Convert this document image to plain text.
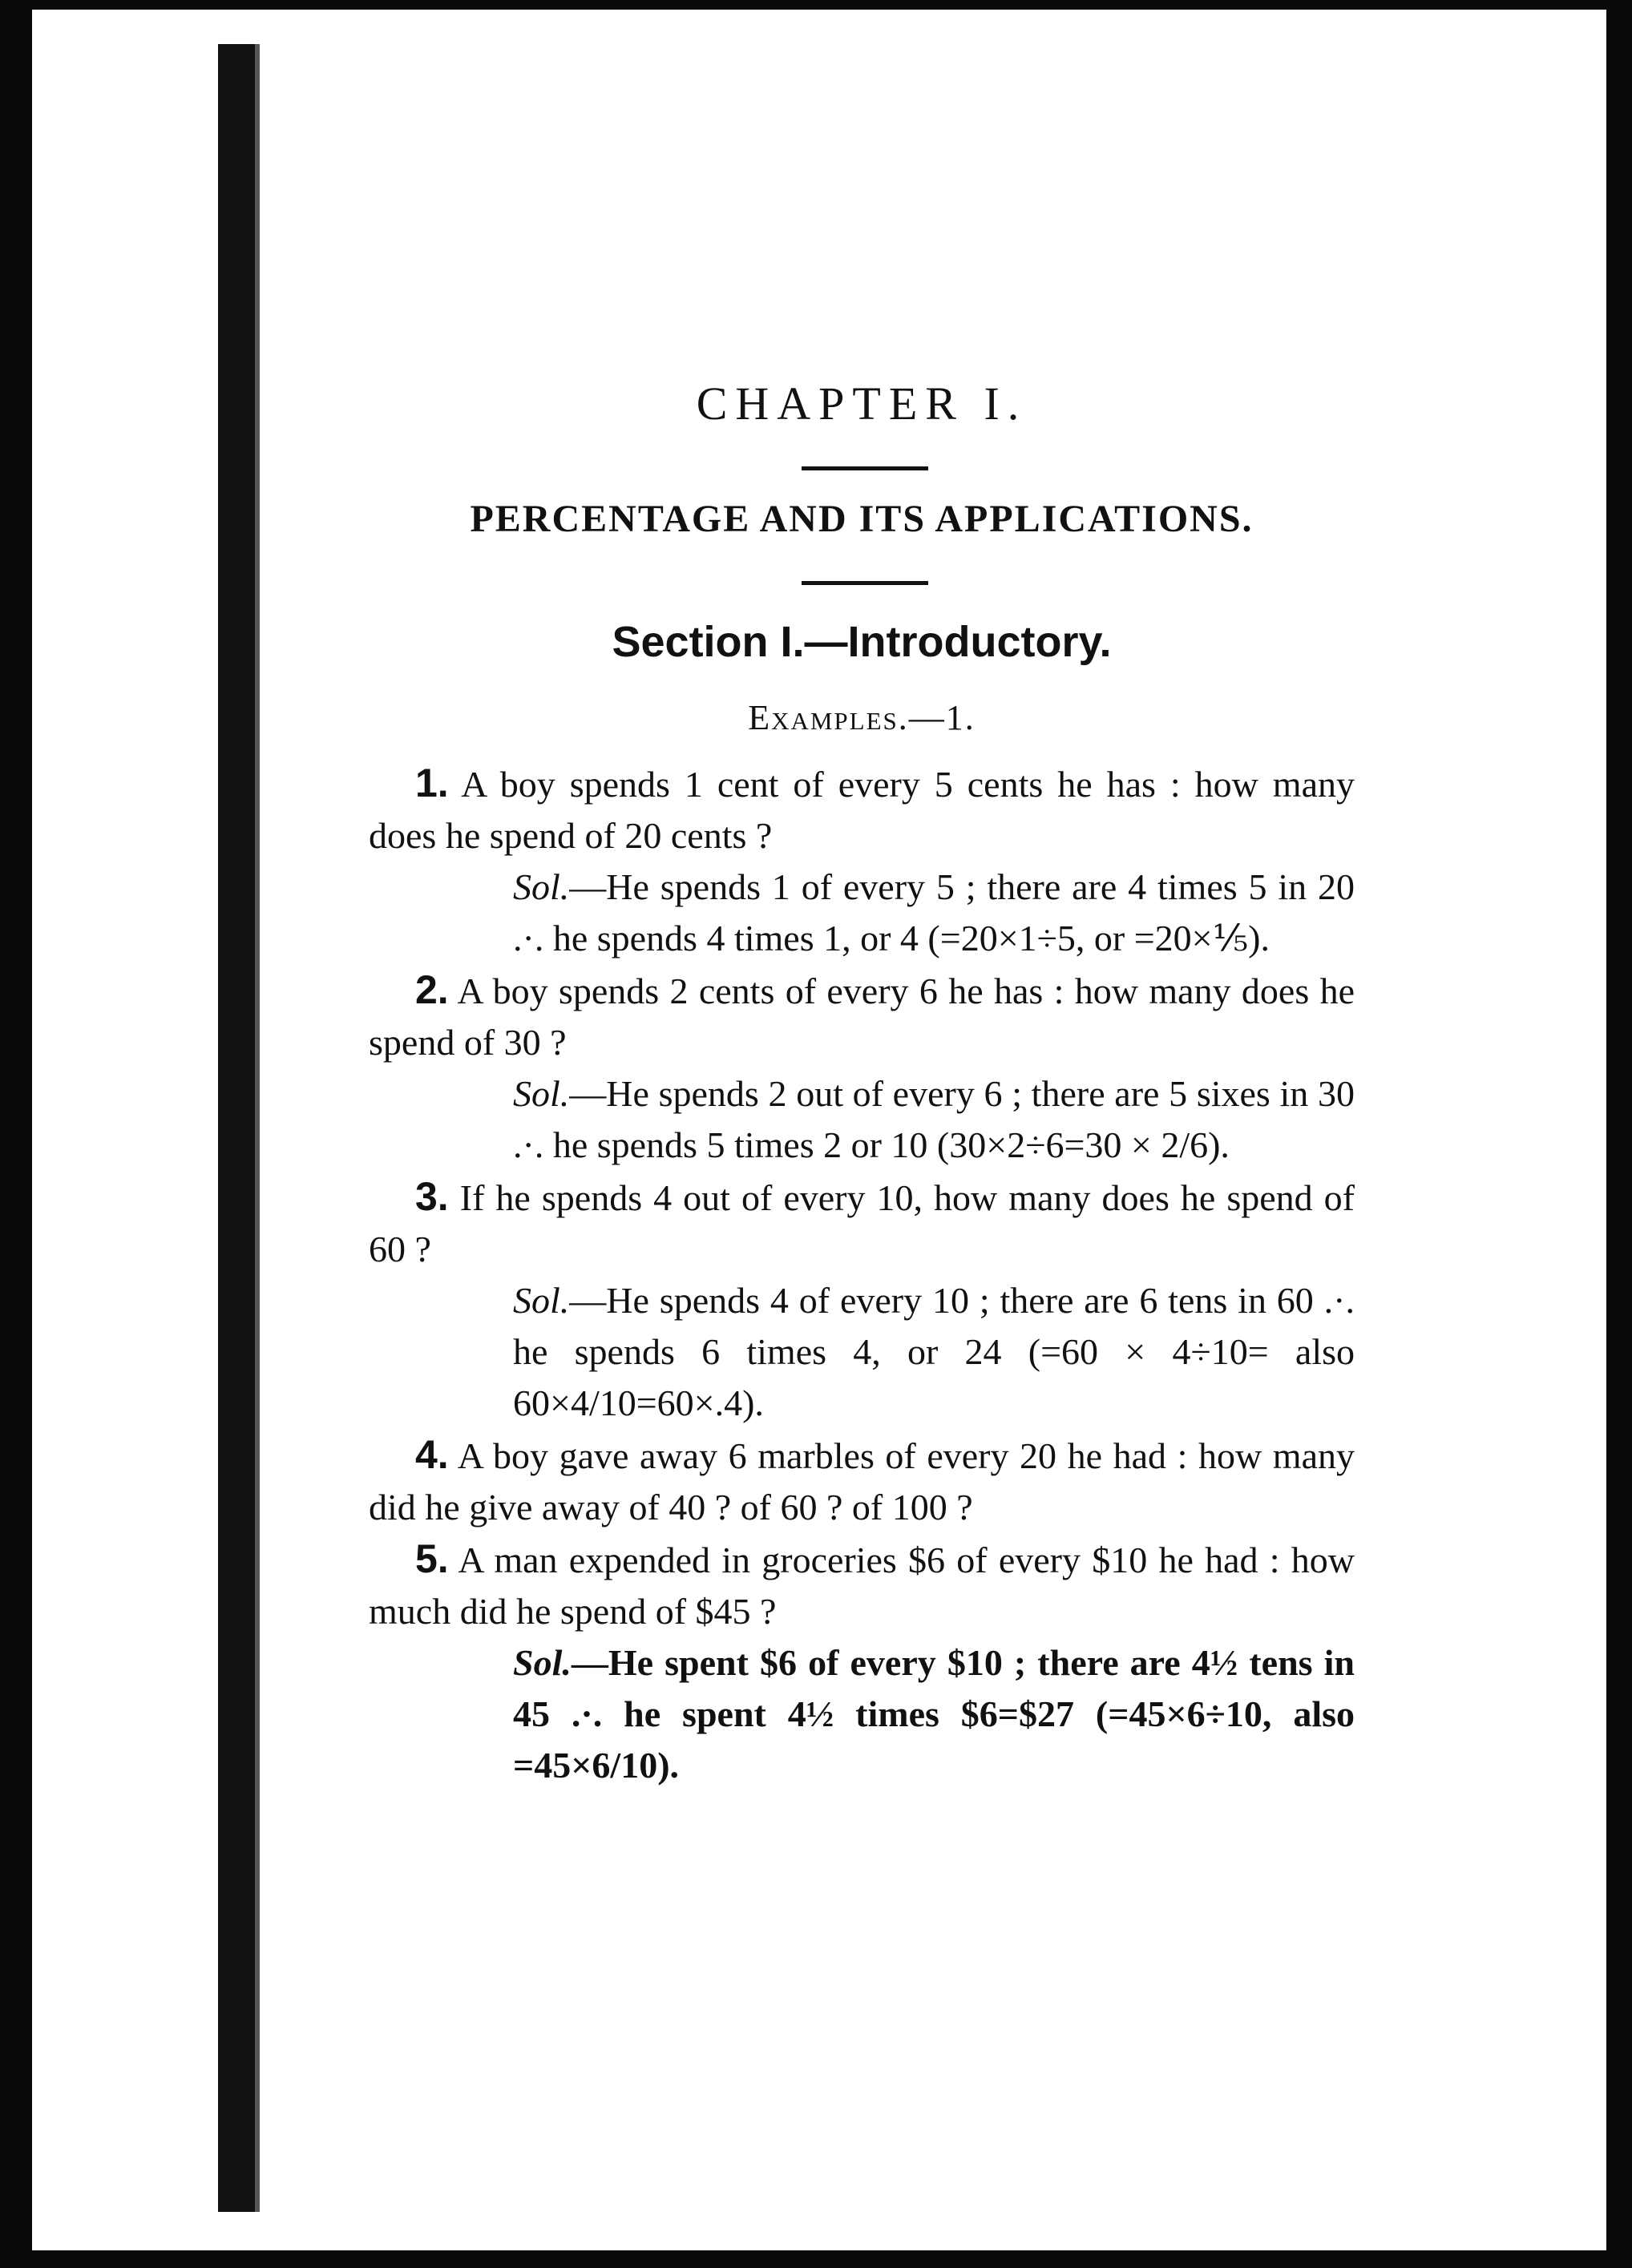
CHAPTER I.
PERCENTAGE AND ITS APPLICATIONS.
Section I.—Introductory.
Examples.—1.

1. A boy spends 1 cent of every 5 cents he has : how many does he spend of 20 cents ?

Sol.—He spends 1 of every 5 ; there are 4 times 5 in 20 .·. he spends 4 times 1, or 4 (=20×1÷5, or =20×⅕).

2. A boy spends 2 cents of every 6 he has : how many does he spend of 30 ?

Sol.—He spends 2 out of every 6 ; there are 5 sixes in 30 .·. he spends 5 times 2 or 10 (30×2÷6=30 × 2/6).

3. If he spends 4 out of every 10, how many does he spend of 60 ?

Sol.—He spends 4 of every 10 ; there are 6 tens in 60 .·. he spends 6 times 4, or 24 (=60 × 4÷10= also 60×4/10=60×.4).

4. A boy gave away 6 marbles of every 20 he had : how many did he give away of 40 ? of 60 ? of 100 ?

5. A man expended in groceries $6 of every $10 he had : how much did he spend of $45 ?

Sol.—He spent $6 of every $10 ; there are 4½ tens in 45 .·. he spent 4½ times $6=$27 (=45×6÷10, also =45×6/10).
